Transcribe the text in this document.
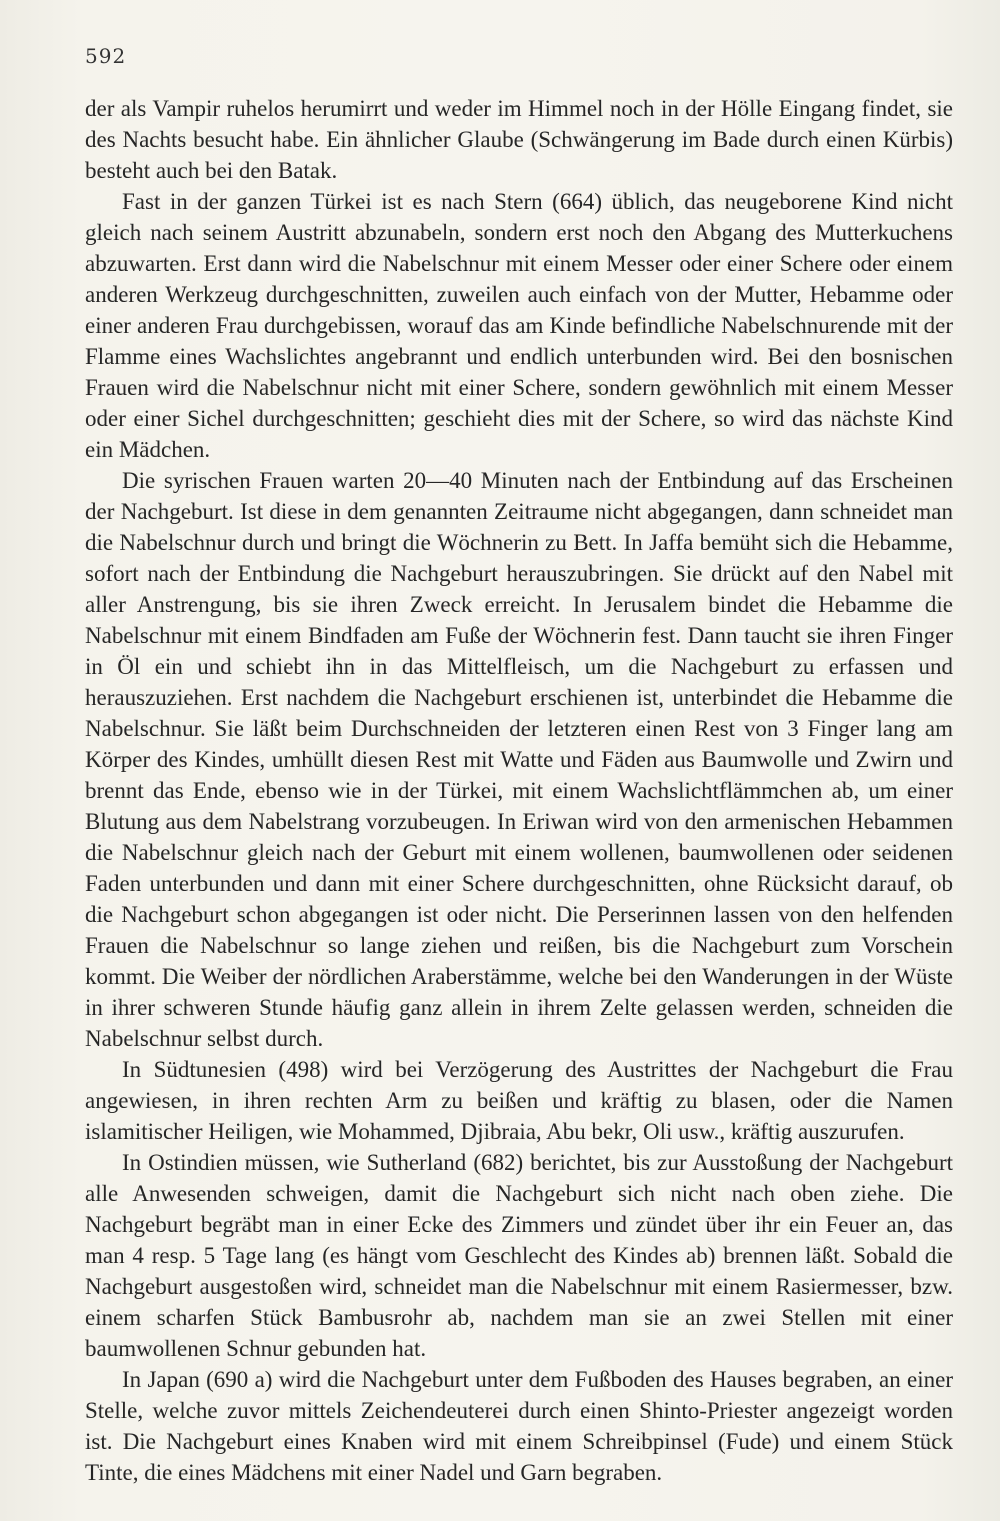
592

der als Vampir ruhelos herumirrt und weder im Himmel noch in der Hölle Eingang findet, sie des Nachts besucht habe. Ein ähnlicher Glaube (Schwängerung im Bade durch einen Kürbis) besteht auch bei den Batak.

Fast in der ganzen Türkei ist es nach Stern (664) üblich, das neugeborene Kind nicht gleich nach seinem Austritt abzunabeln, sondern erst noch den Abgang des Mutterkuchens abzuwarten. Erst dann wird die Nabelschnur mit einem Messer oder einer Schere oder einem anderen Werkzeug durchgeschnitten, zuweilen auch einfach von der Mutter, Hebamme oder einer anderen Frau durchgebissen, worauf das am Kinde befindliche Nabelschnurende mit der Flamme eines Wachslichtes angebrannt und endlich unterbunden wird. Bei den bosnischen Frauen wird die Nabelschnur nicht mit einer Schere, sondern gewöhnlich mit einem Messer oder einer Sichel durchgeschnitten; geschieht dies mit der Schere, so wird das nächste Kind ein Mädchen.

Die syrischen Frauen warten 20—40 Minuten nach der Entbindung auf das Erscheinen der Nachgeburt. Ist diese in dem genannten Zeitraume nicht abgegangen, dann schneidet man die Nabelschnur durch und bringt die Wöchnerin zu Bett. In Jaffa bemüht sich die Hebamme, sofort nach der Entbindung die Nachgeburt herauszubringen. Sie drückt auf den Nabel mit aller Anstrengung, bis sie ihren Zweck erreicht. In Jerusalem bindet die Hebamme die Nabelschnur mit einem Bindfaden am Fuße der Wöchnerin fest. Dann taucht sie ihren Finger in Öl ein und schiebt ihn in das Mittelfleisch, um die Nachgeburt zu erfassen und herauszuziehen. Erst nachdem die Nachgeburt erschienen ist, unterbindet die Hebamme die Nabelschnur. Sie läßt beim Durchschneiden der letzteren einen Rest von 3 Finger lang am Körper des Kindes, umhüllt diesen Rest mit Watte und Fäden aus Baumwolle und Zwirn und brennt das Ende, ebenso wie in der Türkei, mit einem Wachslichtflämmchen ab, um einer Blutung aus dem Nabelstrang vorzubeugen. In Eriwan wird von den armenischen Hebammen die Nabelschnur gleich nach der Geburt mit einem wollenen, baumwollenen oder seidenen Faden unterbunden und dann mit einer Schere durchgeschnitten, ohne Rücksicht darauf, ob die Nachgeburt schon abgegangen ist oder nicht. Die Perserinnen lassen von den helfenden Frauen die Nabelschnur so lange ziehen und reißen, bis die Nachgeburt zum Vorschein kommt. Die Weiber der nördlichen Araberstämme, welche bei den Wanderungen in der Wüste in ihrer schweren Stunde häufig ganz allein in ihrem Zelte gelassen werden, schneiden die Nabelschnur selbst durch.

In Südtunesien (498) wird bei Verzögerung des Austrittes der Nachgeburt die Frau angewiesen, in ihren rechten Arm zu beißen und kräftig zu blasen, oder die Namen islamitischer Heiligen, wie Mohammed, Djibraia, Abu bekr, Oli usw., kräftig auszurufen.

In Ostindien müssen, wie Sutherland (682) berichtet, bis zur Ausstoßung der Nachgeburt alle Anwesenden schweigen, damit die Nachgeburt sich nicht nach oben ziehe. Die Nachgeburt begräbt man in einer Ecke des Zimmers und zündet über ihr ein Feuer an, das man 4 resp. 5 Tage lang (es hängt vom Geschlecht des Kindes ab) brennen läßt. Sobald die Nachgeburt ausgestoßen wird, schneidet man die Nabelschnur mit einem Rasiermesser, bzw. einem scharfen Stück Bambusrohr ab, nachdem man sie an zwei Stellen mit einer baumwollenen Schnur gebunden hat.

In Japan (690 a) wird die Nachgeburt unter dem Fußboden des Hauses begraben, an einer Stelle, welche zuvor mittels Zeichendeuterei durch einen Shinto-Priester angezeigt worden ist. Die Nachgeburt eines Knaben wird mit einem Schreibpinsel (Fude) und einem Stück Tinte, die eines Mädchens mit einer Nadel und Garn begraben.
